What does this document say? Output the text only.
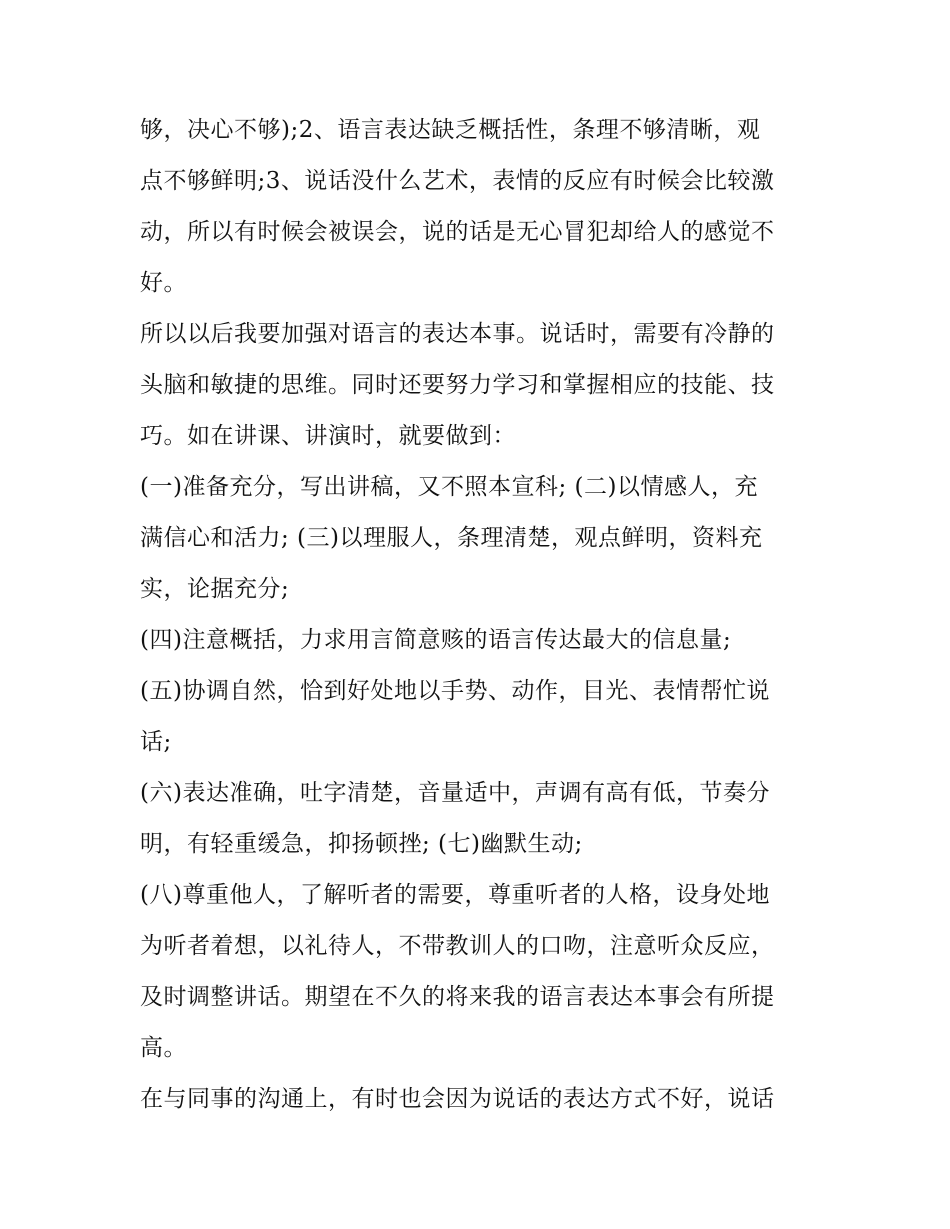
够，决心不够);2、语言表达缺乏概括性，条理不够清晰，观
点不够鲜明;3、说话没什么艺术，表情的反应有时候会比较激
动，所以有时候会被误会，说的话是无心冒犯却给人的感觉不
好。
所以以后我要加强对语言的表达本事。说话时，需要有冷静的
头脑和敏捷的思维。同时还要努力学习和掌握相应的技能、技
巧。如在讲课、讲演时，就要做到：
(一)准备充分，写出讲稿，又不照本宣科; (二)以情感人，充
满信心和活力; (三)以理服人，条理清楚，观点鲜明，资料充
实，论据充分;
(四)注意概括，力求用言简意赅的语言传达最大的信息量;
(五)协调自然，恰到好处地以手势、动作，目光、表情帮忙说
话;
(六)表达准确，吐字清楚，音量适中，声调有高有低，节奏分
明，有轻重缓急，抑扬顿挫; (七)幽默生动;
(八)尊重他人，了解听者的需要，尊重听者的人格，设身处地
为听者着想，以礼待人，不带教训人的口吻，注意听众反应，
及时调整讲话。期望在不久的将来我的语言表达本事会有所提
高。
在与同事的沟通上，有时也会因为说话的表达方式不好，说话
